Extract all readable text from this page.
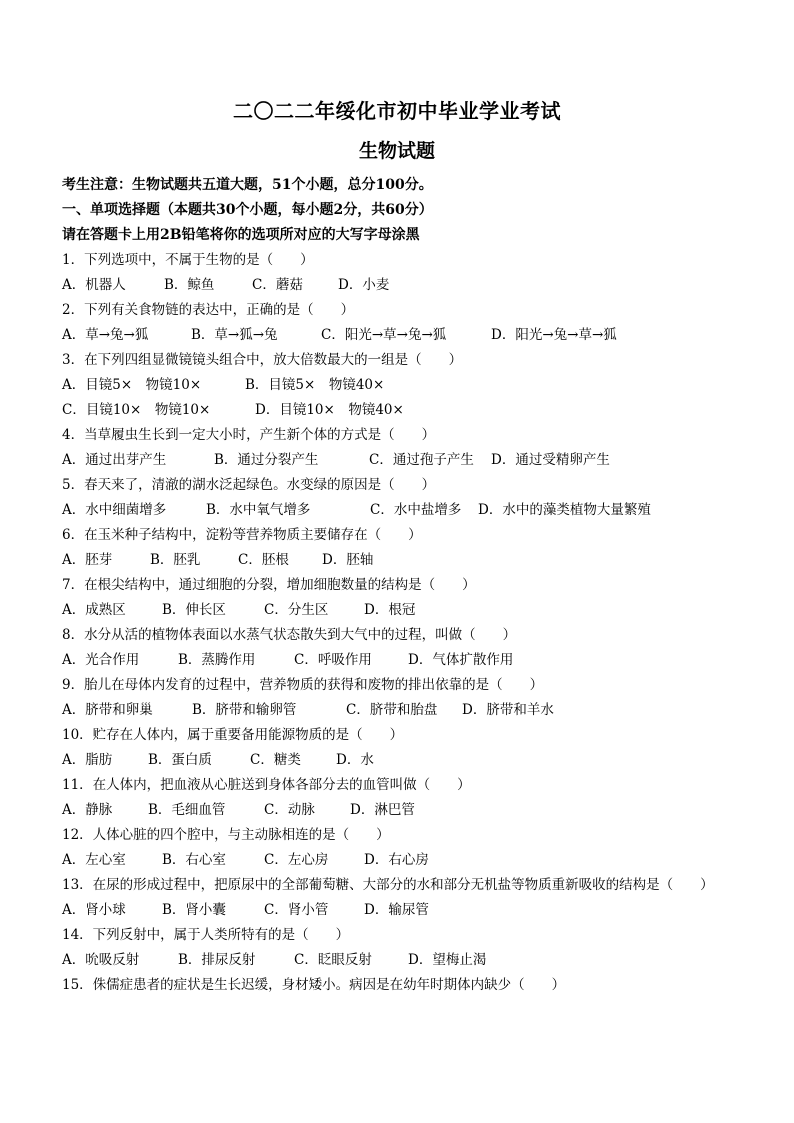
二〇二二年绥化市初中毕业学业考试
生物试题
考生注意：生物试题共五道大题，51个小题，总分100分。
一、单项选择题（本题共30个小题，每小题2分，共60分）
请在答题卡上用2B铅笔将你的选项所对应的大写字母涂黑
1．下列选项中，不属于生物的是（　　）
A．机器人	B．鲸鱼	C．蘑菇	D．小麦
2．下列有关食物链的表达中，正确的是（　　）
A．草→兔→狐	B．草→狐→兔	C．阳光→草→兔→狐	D．阳光→兔→草→狐
3．在下列四组显微镜镜头组合中，放大倍数最大的一组是（　　）
A．目镜5×　物镜10×	B．目镜5×　物镜40×
C．目镜10×　物镜10×	D．目镜10×　物镜40×
4．当草履虫生长到一定大小时，产生新个体的方式是（　　）
A．通过出芽产生	B．通过分裂产生	C．通过孢子产生	D．通过受精卵产生
5．春天来了，清澈的湖水泛起绿色。水变绿的原因是（　　）
A．水中细菌增多	B．水中氧气增多	C．水中盐增多	D．水中的藻类植物大量繁殖
6．在玉米种子结构中，淀粉等营养物质主要储存在（　　）
A．胚芽	B．胚乳	C．胚根	D．胚轴
7．在根尖结构中，通过细胞的分裂，增加细胞数量的结构是（　　）
A．成熟区	B．伸长区	C．分生区	D．根冠
8．水分从活的植物体表面以水蒸气状态散失到大气中的过程，叫做（　　）
A．光合作用	B．蒸腾作用	C．呼吸作用	D．气体扩散作用
9．胎儿在母体内发育的过程中，营养物质的获得和废物的排出依靠的是（　　）
A．脐带和卵巢	B．脐带和输卵管	C．脐带和胎盘	D．脐带和羊水
10．贮存在人体内，属于重要备用能源物质的是（　　）
A．脂肪	B．蛋白质	C．糖类	D．水
11．在人体内，把血液从心脏送到身体各部分去的血管叫做（　　）
A．静脉	B．毛细血管	C．动脉	D．淋巴管
12．人体心脏的四个腔中，与主动脉相连的是（　　）
A．左心室	B．右心室	C．左心房	D．右心房
13．在尿的形成过程中，把原尿中的全部葡萄糖、大部分的水和部分无机盐等物质重新吸收的结构是（　　）
A．肾小球	B．肾小囊	C．肾小管	D．输尿管
14．下列反射中，属于人类所特有的是（　　）
A．吮吸反射	B．排尿反射	C．眨眼反射	D．望梅止渴
15．侏儒症患者的症状是生长迟缓，身材矮小。病因是在幼年时期体内缺少（　　）
